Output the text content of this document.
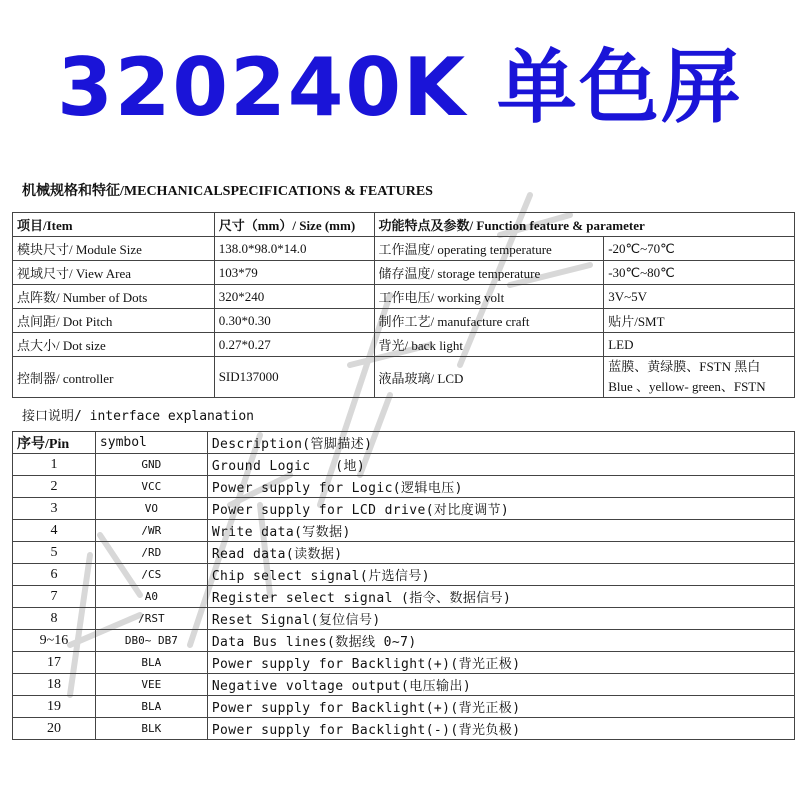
320240K 单色屏
机械规格和特征/MECHANICALSPECIFICATIONS & FEATURES
项目/Item	尺寸（mm）/ Size (mm)	功能特点及参数/ Function feature & parameter	
模块尺寸/ Module Size	138.0*98.0*14.0	工作温度/ operating temperature	-20℃~70℃
视域尺寸/ View Area	103*79	储存温度/ storage temperature	-30℃~80℃
点阵数/ Number of Dots	320*240	工作电压/ working volt	3V~5V
点间距/ Dot Pitch	0.30*0.30	制作工艺/ manufacture craft	贴片/SMT
点大小/ Dot size	0.27*0.27	背光/ back light	LED
控制器/ controller	SID137000	液晶玻璃/ LCD	蓝膜、黄绿膜、FSTN 黑白
Blue 、yellow- green、FSTN
接口说明/ interface explanation
序号/Pin	symbol	Description(管脚描述)
1	GND	Ground Logic   (地)
2	VCC	Power supply for Logic(逻辑电压)
3	VO	Power supply for LCD drive(对比度调节)
4	/WR	Write data(写数据)
5	/RD	Read data(读数据)
6	/CS	Chip select signal(片选信号)
7	A0	Register select signal (指令、数据信号)
8	/RST	Reset Signal(复位信号)
9~16	DB0~ DB7	Data Bus lines(数据线 0~7)
17	BLA	Power supply for Backlight(+)(背光正极)
18	VEE	Negative voltage output(电压输出)
19	BLA	Power supply for Backlight(+)(背光正极)
20	BLK	Power supply for Backlight(-)(背光负极)
